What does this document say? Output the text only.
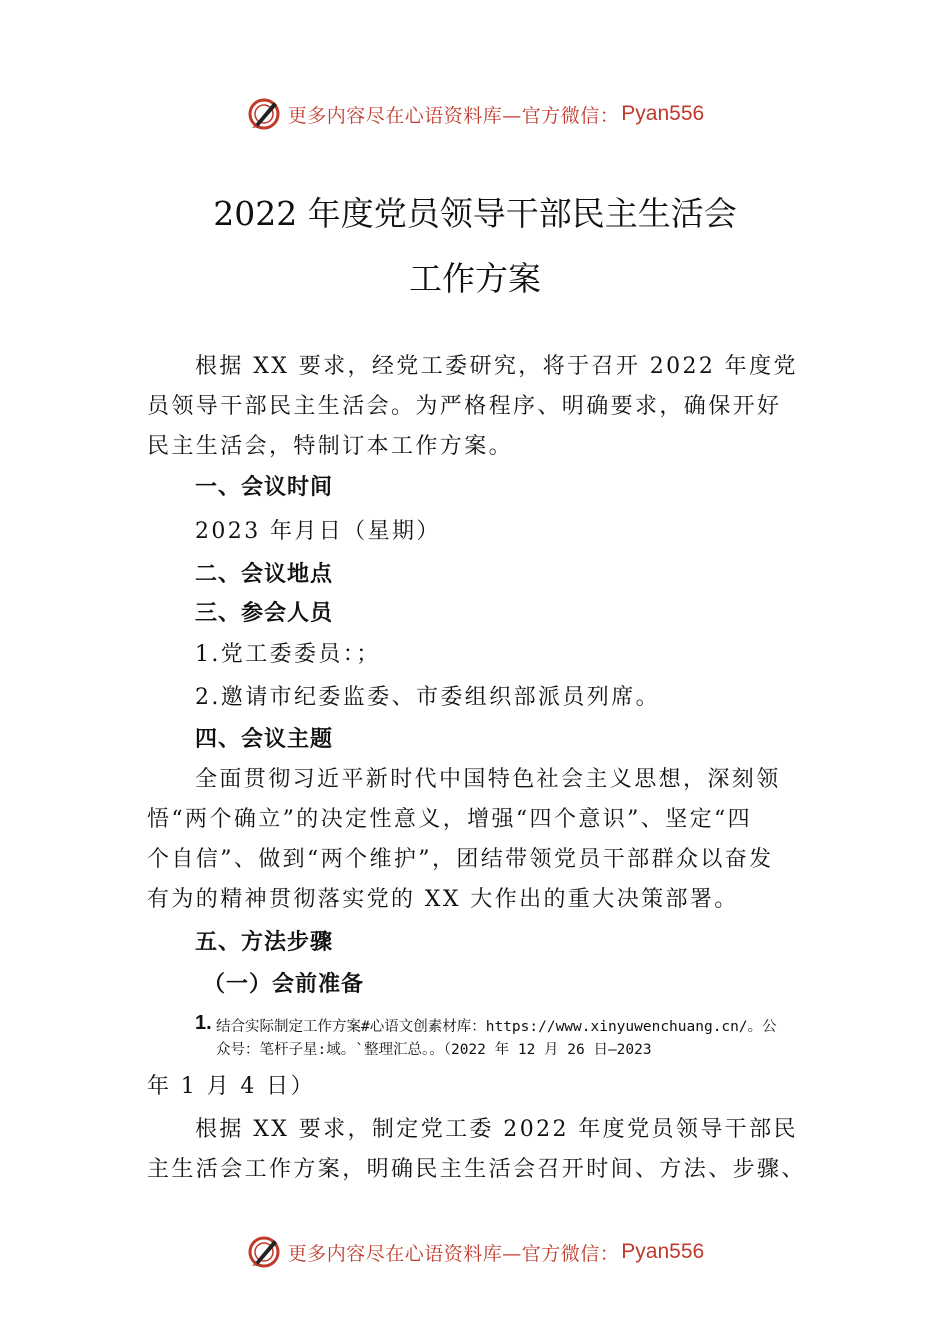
更多内容尽在心语资料库—官方微信： Pyan556
2022 年度党员领导干部民主生活会
工作方案
根据 XX 要求，经党工委研究，将于召开 2022 年度党
员领导干部民主生活会。为严格程序、明确要求，确保开好
民主生活会，特制订本工作方案。
一、会议时间
2023 年月日（星期）
二、会议地点
三、参会人员
1.党工委委员：；
2.邀请市纪委监委、市委组织部派员列席。
四、会议主题
全面贯彻习近平新时代中国特色社会主义思想，深刻领
悟“两个确立”的决定性意义，增强“四个意识”、坚定“四
个自信”、做到“两个维护”，团结带领党员干部群众以奋发
有为的精神贯彻落实党的 XX 大作出的重大决策部署。
五、方法步骤
（一）会前准备
1. 结合实际制定工作方案#心语文创素材库：https://www.xinyuwenchuang.cn/。公
众号：笔杆子星:域。`整理汇总。。（2022 年 12 月 26 日—2023
年 1 月 4 日）
根据 XX 要求，制定党工委 2022 年度党员领导干部民
主生活会工作方案，明确民主生活会召开时间、方法、步骤、
更多内容尽在心语资料库—官方微信： Pyan556
